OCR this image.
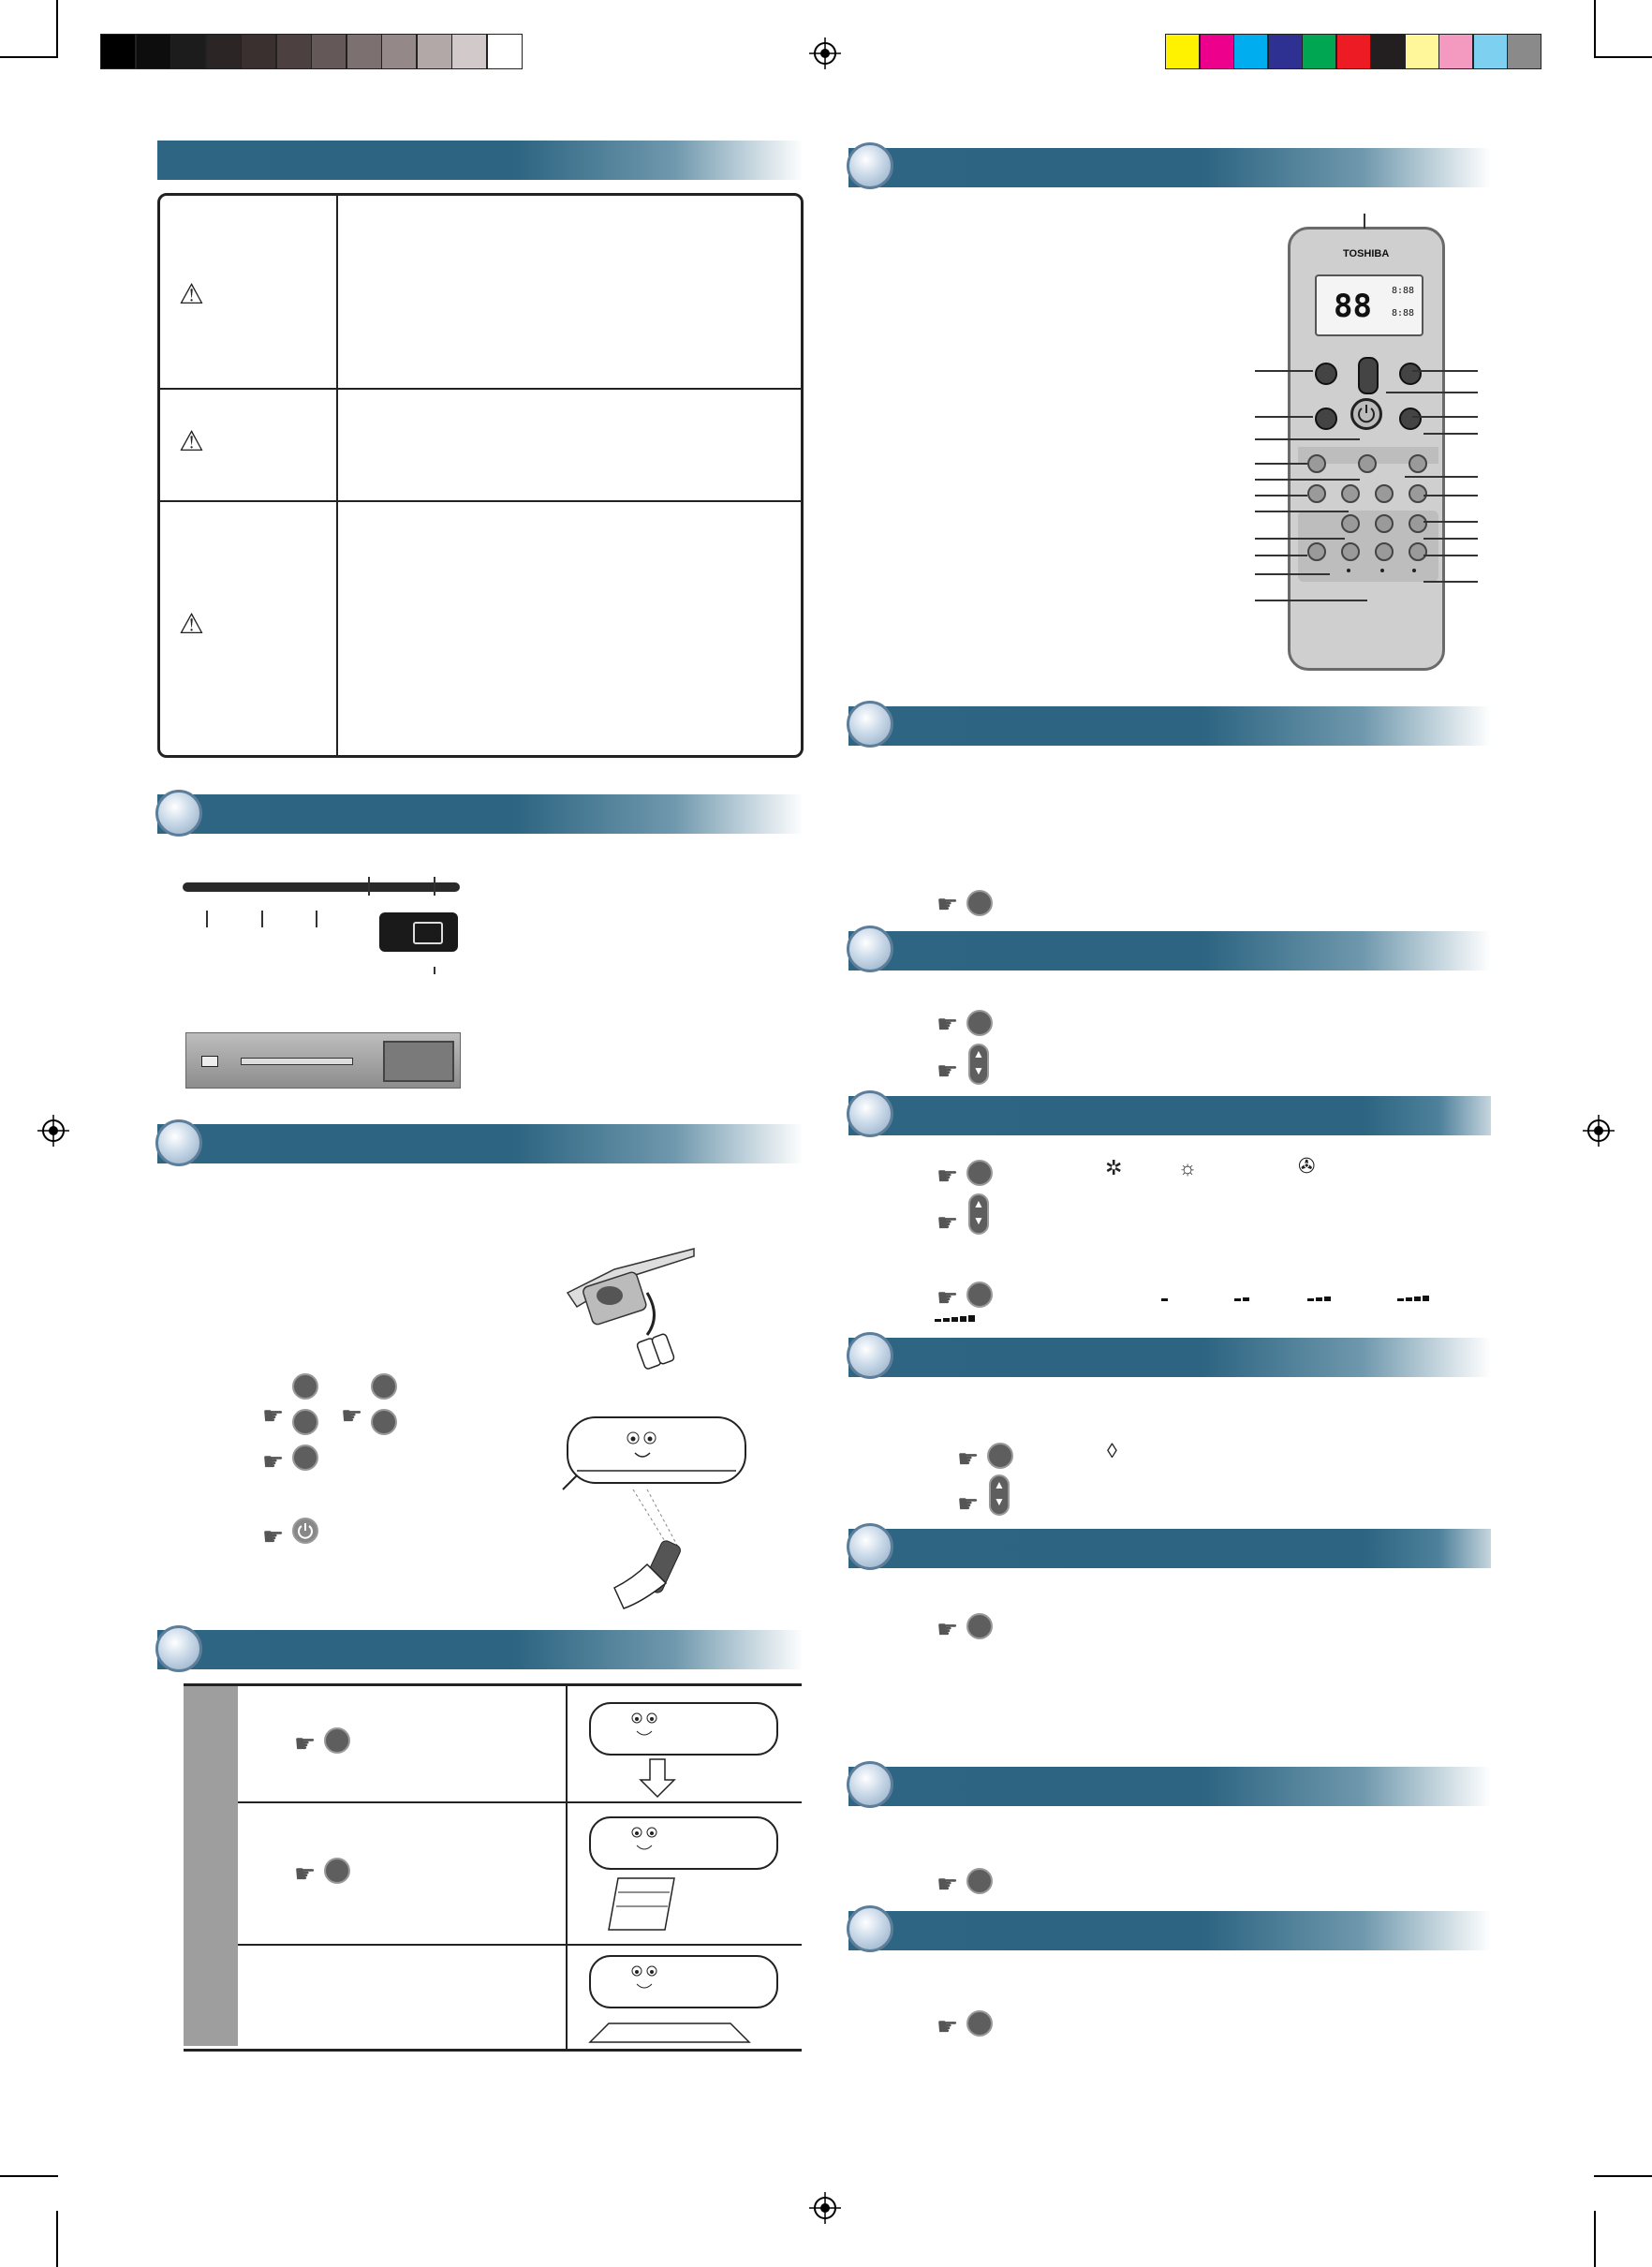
⚠
⚠
⚠
☛ ☛
☛
☛
☛
☛
TOSHIBA
88 8:88
8:88
☛
☛
☛
▲
▼
☛	✲	☼	✇
☛
▲
▼
☛
☛	◊
☛
▲
▼
☛
☛
☛
